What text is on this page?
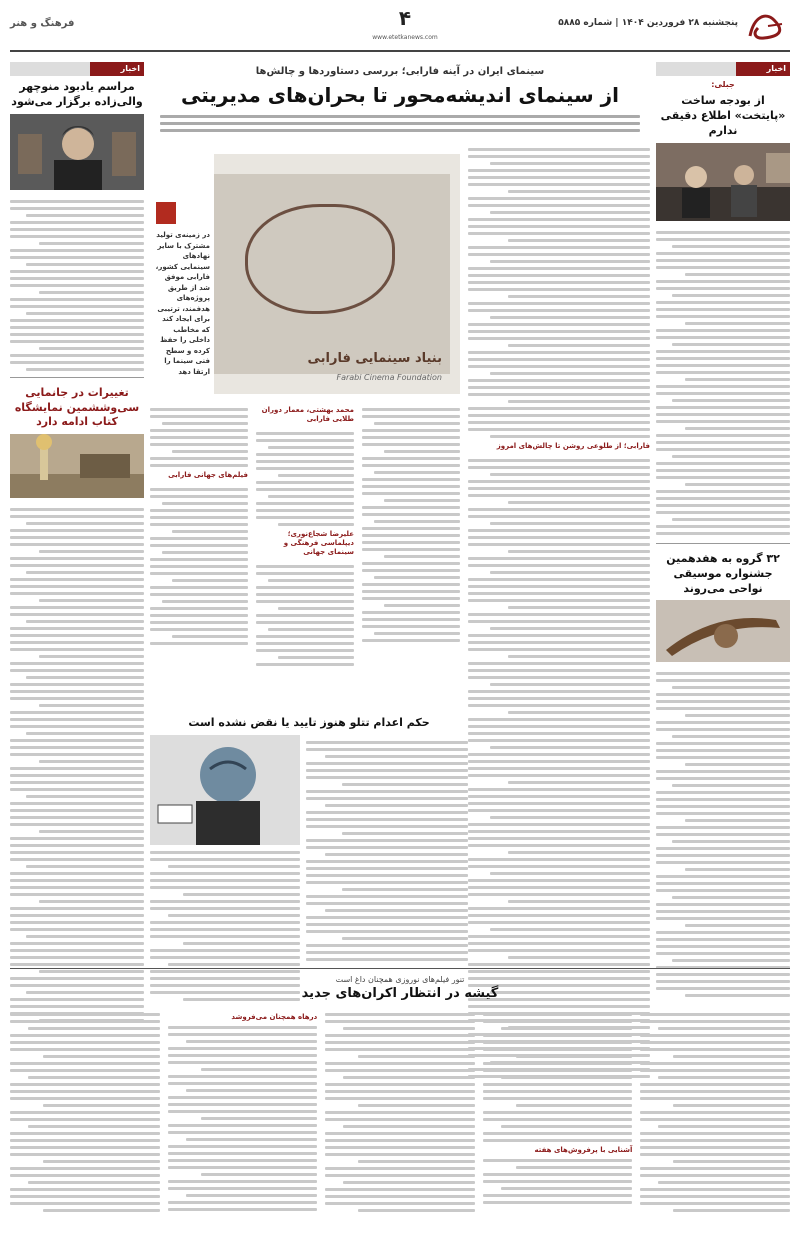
پنجشنبه ۲۸ فروردین ۱۴۰۴ | شماره ۵۸۸۵
۴
www.etetkanews.com
فرهنگ و هنر
اخبار
جبلی:
از بودجه ساخت «پایتخت» اطلاع دقیقی ندارم
۳۲ گروه به هفدهمین جشنواره موسیقی نواحی می‌روند
اخبار
مراسم یادبود منوچهر والی‌زاده برگزار می‌شود
تغییرات در جانمایی سی‌وششمین نمایشگاه کتاب ادامه دارد
سینمای ایران در آینه فارابی؛ بررسی دستاوردها و چالش‌ها
از سینمای اندیشه‌محور تا بحران‌های مدیریتی
بنیاد سینمایی فارابی
Farabi Cinema Foundation
در زمینه‌ی تولید مشترک با سایر نهادهای سینمایی کشور، فارابی موفق شد از طریق پروژه‌های هدفمند، ترتیبی برای ایجاد کند که مخاطب داخلی را حفظ کرده و سطح فنی سینما را ارتقا دهد
فارابی؛ از طلوعی روشن تا چالش‌های امروز
محمد بهشتی، معمار دوران طلایی فارابی
علیرضا شجاع‌نوری؛ دیپلماسی فرهنگی و سینمای جهانی
فیلم‌های جهانی فارابی
حکم اعدام تتلو هنوز تایید یا نقض نشده است
تنور فیلم‌های نوروزی همچنان داغ است
گیشه در انتظار اکران‌های جدید
آشنایی با پرفروش‌های هفته
درهاه همچنان می‌فروشد
